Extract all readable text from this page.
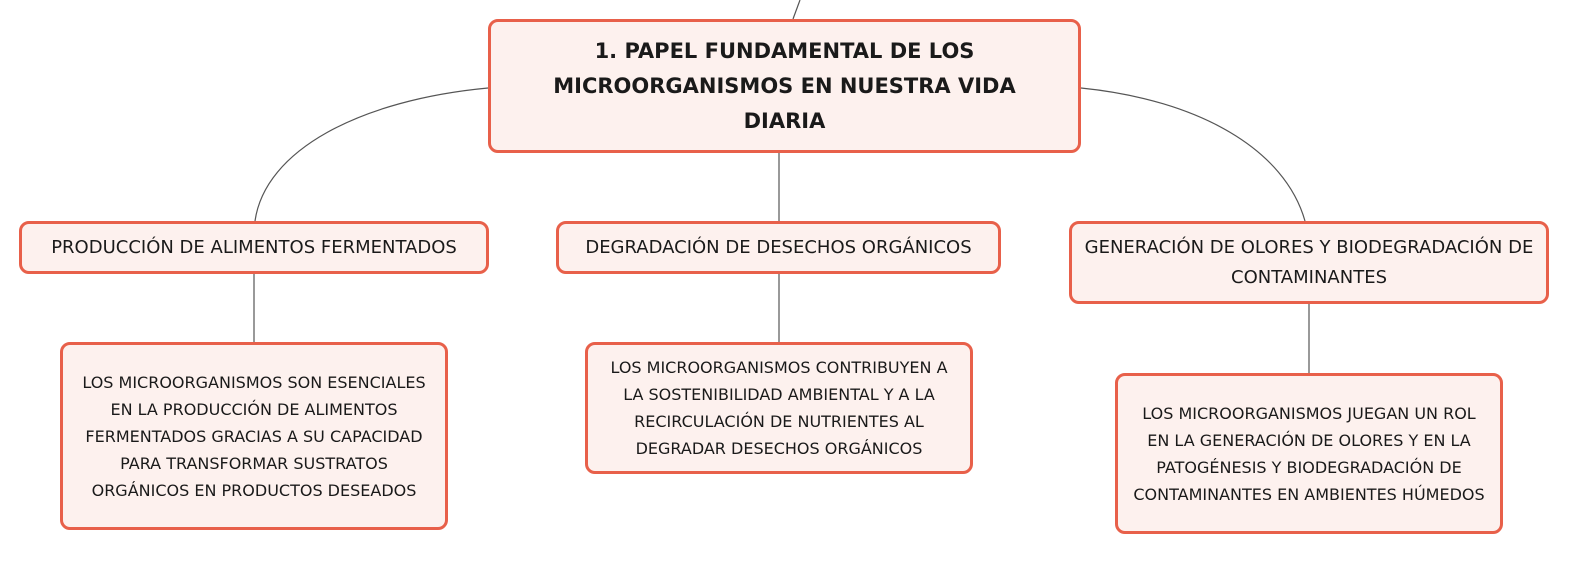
1. PAPEL FUNDAMENTAL DE LOS MICROORGANISMOS EN NUESTRA VIDA DIARIA
PRODUCCIÓN DE ALIMENTOS FERMENTADOS	DEGRADACIÓN DE DESECHOS ORGÁNICOS	GENERACIÓN DE OLORES Y BIODEGRADACIÓN DE CONTAMINANTES
LOS MICROORGANISMOS SON ESENCIALES EN LA PRODUCCIÓN DE ALIMENTOS FERMENTADOS GRACIAS A SU CAPACIDAD PARA TRANSFORMAR SUSTRATOS ORGÁNICOS EN PRODUCTOS DESEADOS
LOS MICROORGANISMOS CONTRIBUYEN A LA SOSTENIBILIDAD AMBIENTAL Y A LA RECIRCULACIÓN DE NUTRIENTES AL DEGRADAR DESECHOS ORGÁNICOS
LOS MICROORGANISMOS JUEGAN UN ROL EN LA GENERACIÓN DE OLORES Y EN LA PATOGÉNESIS Y BIODEGRADACIÓN DE CONTAMINANTES EN AMBIENTES HÚMEDOS
